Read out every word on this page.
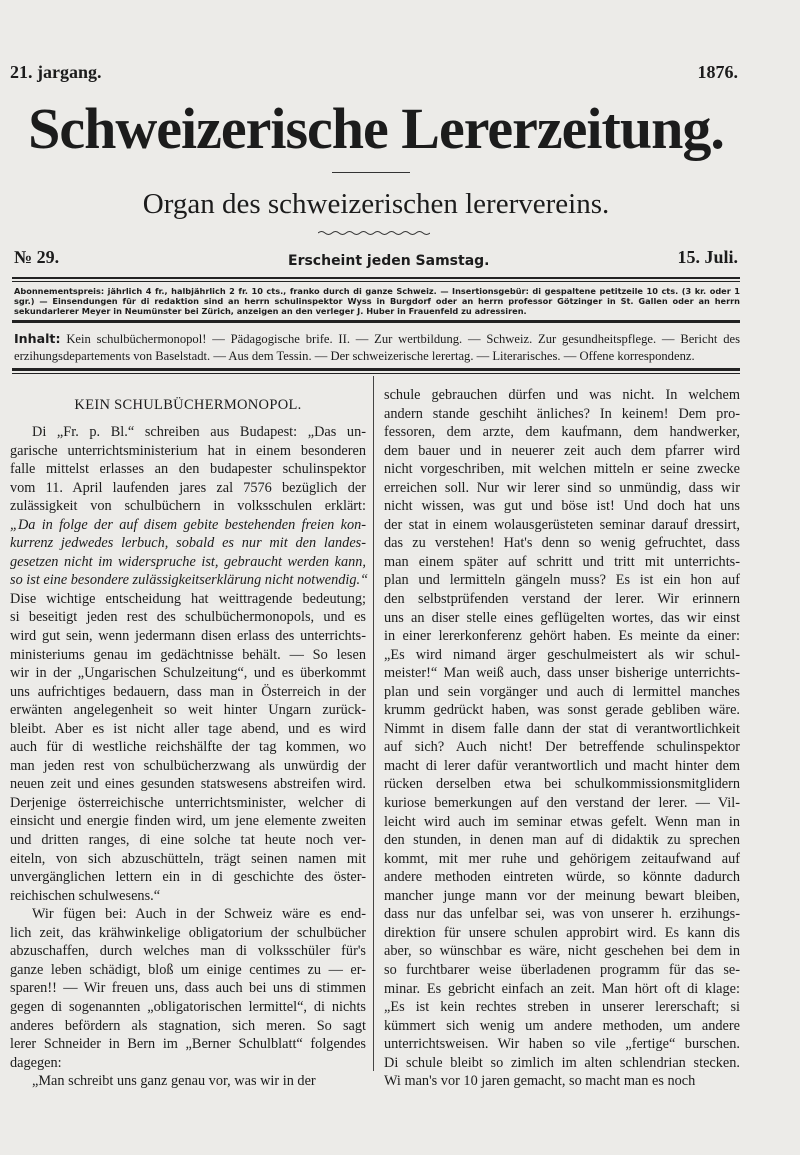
21. jargang.	1876.
Schweizerische Lererzeitung.
Organ des schweizerischen lerervereins.
№ 29.	Erscheint jeden Samstag.	15. Juli.
Abonnementspreis: jährlich 4 fr., halbjährlich 2 fr. 10 cts., franko durch di ganze Schweiz. — Insertionsgebür: di gespaltene petitzeile 10 cts. (3 kr. oder 1 sgr.) — Einsendungen für di redaktion sind an herrn schulinspektor Wyss in Burgdorf oder an herrn professor Götzinger in St. Gallen oder an herrn sekundarlerer Meyer in Neumünster bei Zürich, anzeigen an den verleger J. Huber in Frauenfeld zu adressiren.
Inhalt: Kein schulbüchermonopol! — Pädagogische brife. II. — Zur wertbildung. — Schweiz. Zur gesundheitspflege. — Bericht des erzihungsdepartements von Baselstadt. — Aus dem Tessin. — Der schweizerische lerertag. — Literarisches. — Offene korrespondenz.
KEIN SCHULBÜCHERMONOPOL.
Di „Fr. p. Bl.“ schreiben aus Budapest: „Das un-
garische unterrichtsministerium hat in einem besonderen
falle mittelst erlasses an den budapester schulinspektor
vom 11. April laufenden jares zal 7576 bezüglich der
zulässigkeit von schulbüchern in volksschulen erklärt:
„Da in folge der auf disem gebite bestehenden freien kon-
kurrenz jedwedes lerbuch, sobald es nur mit den landes-
gesetzen nicht im widerspruche ist, gebraucht werden kann,
so ist eine besondere zulässigkeitserklärung nicht notwendig.“
Dise wichtige entscheidung hat weittragende bedeutung;
si beseitigt jeden rest des schulbüchermonopols, und es
wird gut sein, wenn jedermann disen erlass des unterrichts-
ministeriums genau im gedächtnisse behält. — So lesen
wir in der „Ungarischen Schulzeitung“, und es überkommt
uns aufrichtiges bedauern, dass man in Österreich in der
erwänten angelegenheit so weit hinter Ungarn zurück-
bleibt. Aber es ist nicht aller tage abend, und es wird
auch für di westliche reichshälfte der tag kommen, wo
man jeden rest von schulbücherzwang als unwürdig der
neuen zeit und eines gesunden statswesens abstreifen wird.
Derjenige österreichische unterrichtsminister, welcher di
einsicht und energie finden wird, um jene elemente zweiten
und dritten ranges, di eine solche tat heute noch ver-
eiteln, von sich abzuschütteln, trägt seinen namen mit
unvergänglichen lettern ein in di geschichte des öster-
reichischen schulwesens.“
Wir fügen bei: Auch in der Schweiz wäre es end-
lich zeit, das krähwinkelige obligatorium der schulbücher
abzuschaffen, durch welches man di volksschüler für's
ganze leben schädigt, bloß um einige centimes zu — er-
sparen!! — Wir freuen uns, dass auch bei uns di stimmen
gegen di sogenannten „obligatorischen lermittel“, di nichts
anderes befördern als stagnation, sich meren. So sagt
lerer Schneider in Bern im „Berner Schulblatt“ folgendes
dagegen:
„Man schreibt uns ganz genau vor, was wir in der
schule gebrauchen dürfen und was nicht. In welchem
andern stande geschiht änliches? In keinem! Dem pro-
fessoren, dem arzte, dem kaufmann, dem handwerker,
dem bauer und in neuerer zeit auch dem pfarrer wird
nicht vorgeschriben, mit welchen mitteln er seine zwecke
erreichen soll. Nur wir lerer sind so unmündig, dass wir
nicht wissen, was gut und böse ist! Und doch hat uns
der stat in einem wolausgerüsteten seminar darauf dressirt,
das zu verstehen! Hat's denn so wenig gefruchtet, dass
man einem später auf schritt und tritt mit unterrichts-
plan und lermitteln gängeln muss? Es ist ein hon auf
den selbstprüfenden verstand der lerer. Wir erinnern
uns an diser stelle eines geflügelten wortes, das wir einst
in einer lererkonferenz gehört haben. Es meinte da einer:
„Es wird nimand ärger geschulmeistert als wir schul-
meister!“ Man weiß auch, dass unser bisherige unterrichts-
plan und sein vorgänger und auch di lermittel manches
krumm gedrückt haben, was sonst gerade gebliben wäre.
Nimmt in disem falle dann der stat di verantwortlichkeit
auf sich? Auch nicht! Der betreffende schulinspektor
macht di lerer dafür verantwortlich und macht hinter dem
rücken derselben etwa bei schulkommissionsmitglidern
kuriose bemerkungen auf den verstand der lerer. — Vil-
leicht wird auch im seminar etwas gefelt. Wenn man in
den stunden, in denen man auf di didaktik zu sprechen
kommt, mit mer ruhe und gehörigem zeitaufwand auf
andere methoden eintreten würde, so könnte dadurch
mancher junge mann vor der meinung bewart bleiben,
dass nur das unfelbar sei, was von unserer h. erzihungs-
direktion für unsere schulen approbirt wird. Es kann dis
aber, so wünschbar es wäre, nicht geschehen bei dem in
so furchtbarer weise überladenen programm für das se-
minar. Es gebricht einfach an zeit. Man hört oft di klage:
„Es ist kein rechtes streben in unserer lererschaft; si
kümmert sich wenig um andere methoden, um andere
unterrichtsweisen. Wir haben so vile „fertige“ burschen.
Di schule bleibt so zimlich im alten schlendrian stecken.
Wi man's vor 10 jaren gemacht, so macht man es noch
